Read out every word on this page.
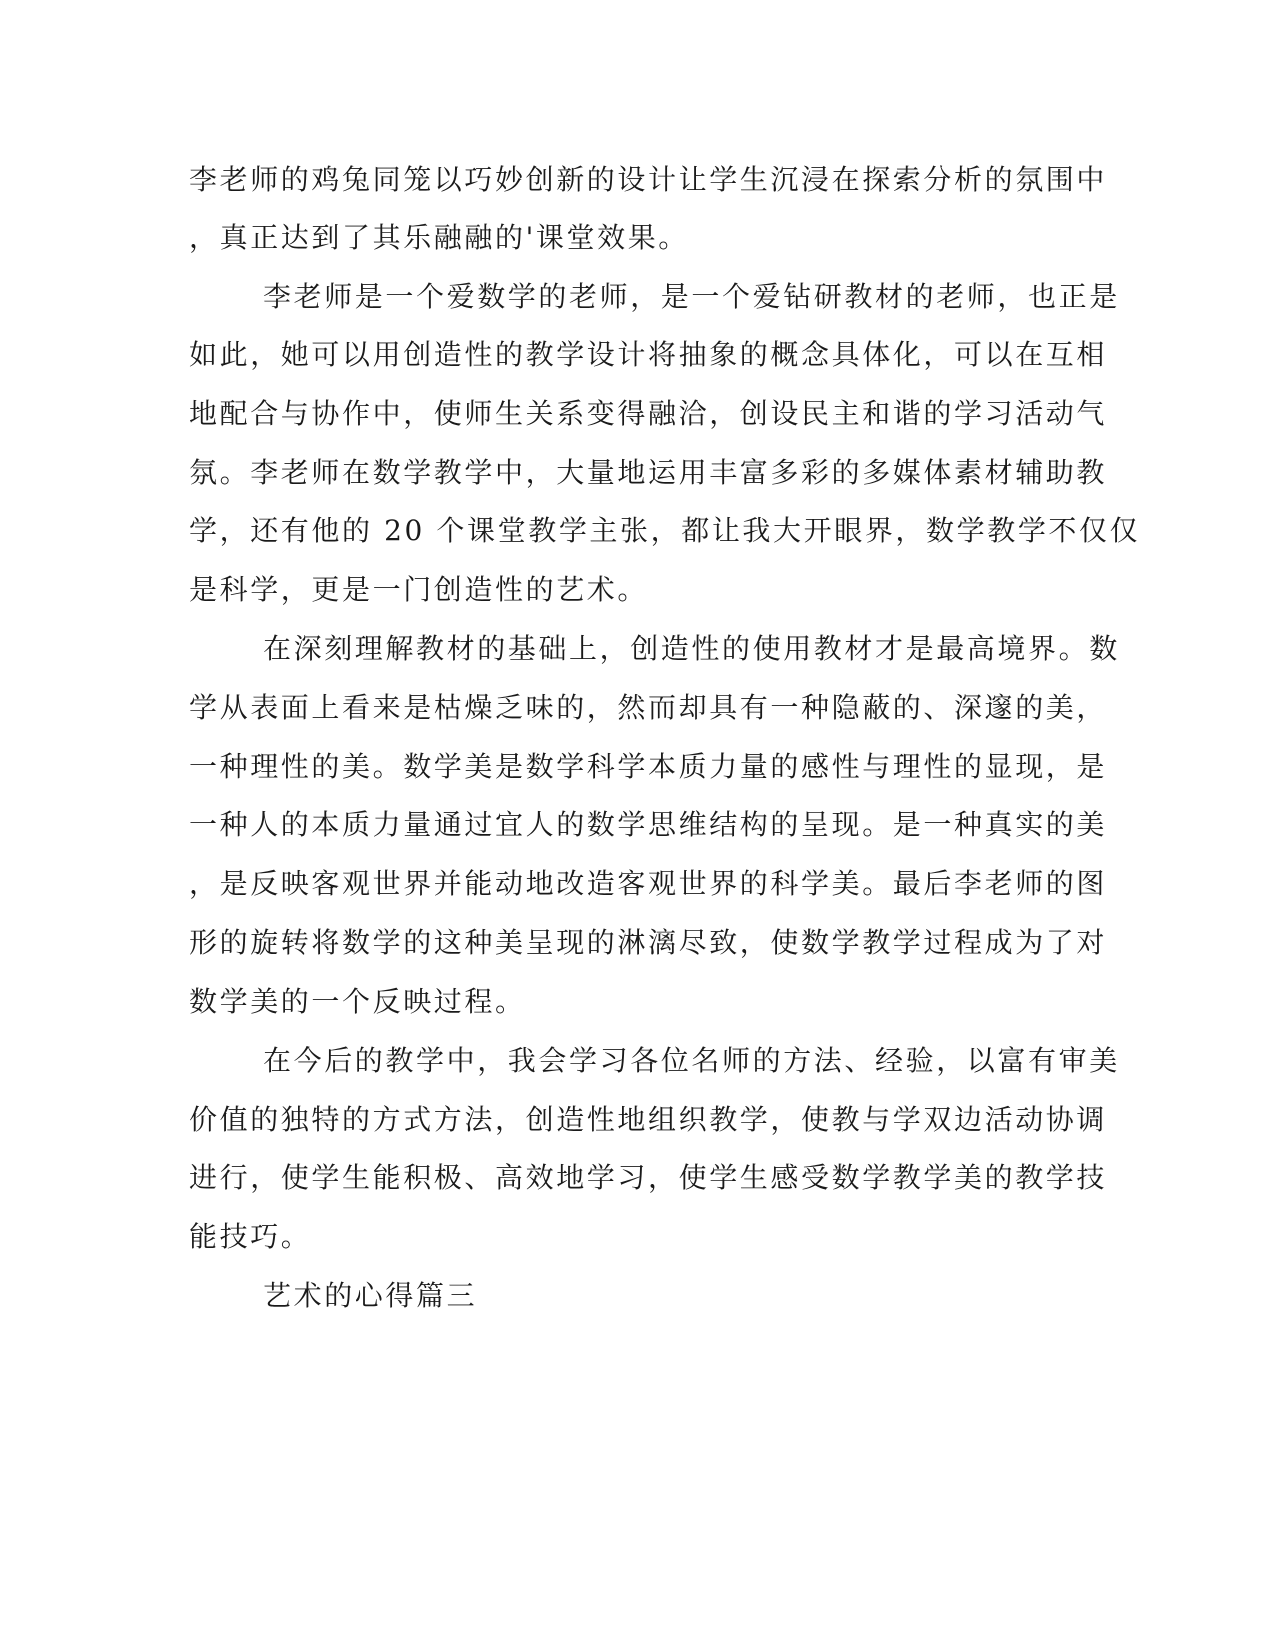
李老师的鸡兔同笼以巧妙创新的设计让学生沉浸在探索分析的氛围中
，真正达到了其乐融融的'课堂效果。
李老师是一个爱数学的老师，是一个爱钻研教材的老师，也正是
如此，她可以用创造性的教学设计将抽象的概念具体化，可以在互相
地配合与协作中，使师生关系变得融洽，创设民主和谐的学习活动气
氛。李老师在数学教学中，大量地运用丰富多彩的多媒体素材辅助教
学，还有他的 20 个课堂教学主张，都让我大开眼界，数学教学不仅仅
是科学，更是一门创造性的艺术。
在深刻理解教材的基础上，创造性的使用教材才是最高境界。数
学从表面上看来是枯燥乏味的，然而却具有一种隐蔽的、深邃的美，
一种理性的美。数学美是数学科学本质力量的感性与理性的显现，是
一种人的本质力量通过宜人的数学思维结构的呈现。是一种真实的美
，是反映客观世界并能动地改造客观世界的科学美。最后李老师的图
形的旋转将数学的这种美呈现的淋漓尽致，使数学教学过程成为了对
数学美的一个反映过程。
在今后的教学中，我会学习各位名师的方法、经验，以富有审美
价值的独特的方式方法，创造性地组织教学，使教与学双边活动协调
进行，使学生能积极、高效地学习，使学生感受数学教学美的教学技
能技巧。
艺术的心得篇三
